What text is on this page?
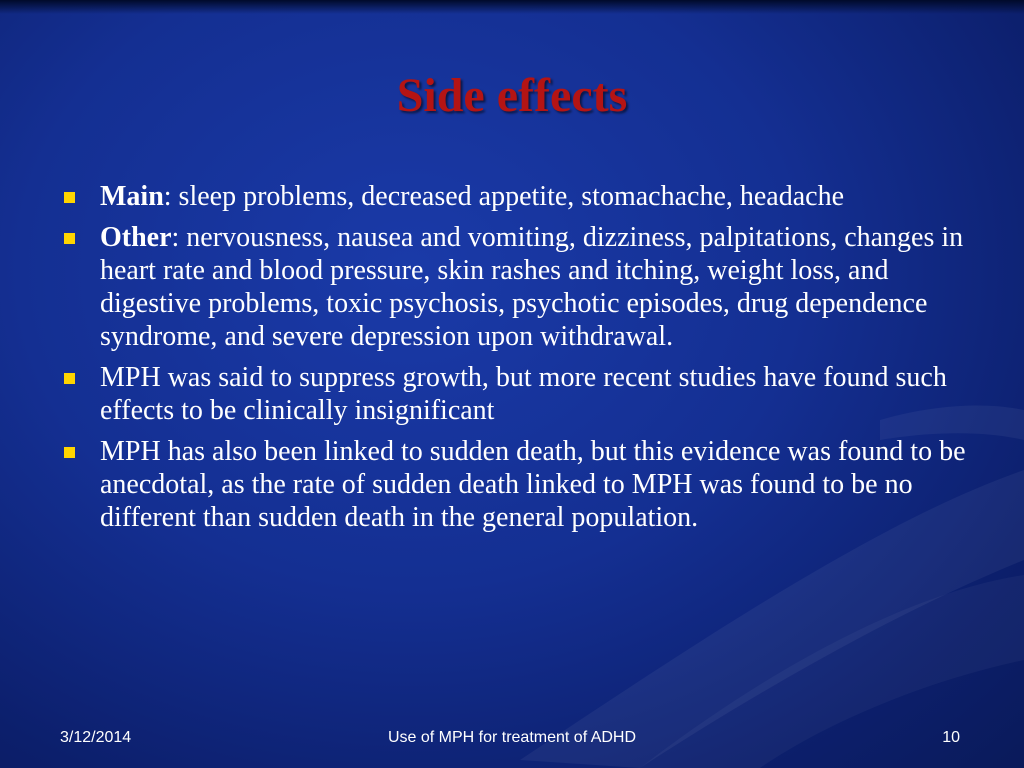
Side effects
Main: sleep problems, decreased appetite, stomachache, headache
Other: nervousness, nausea and vomiting, dizziness, palpitations, changes in heart rate and blood pressure, skin rashes and itching, weight loss, and digestive problems, toxic psychosis, psychotic episodes, drug dependence syndrome, and severe depression upon withdrawal.
MPH was said to suppress growth, but more recent studies have found such effects to be clinically insignificant
MPH has also been linked to sudden death, but this evidence was found to be anecdotal, as the rate of sudden death linked to MPH was found to be no different than sudden death in the general population.
Use of MPH for treatment of ADHD
3/12/2014	10
